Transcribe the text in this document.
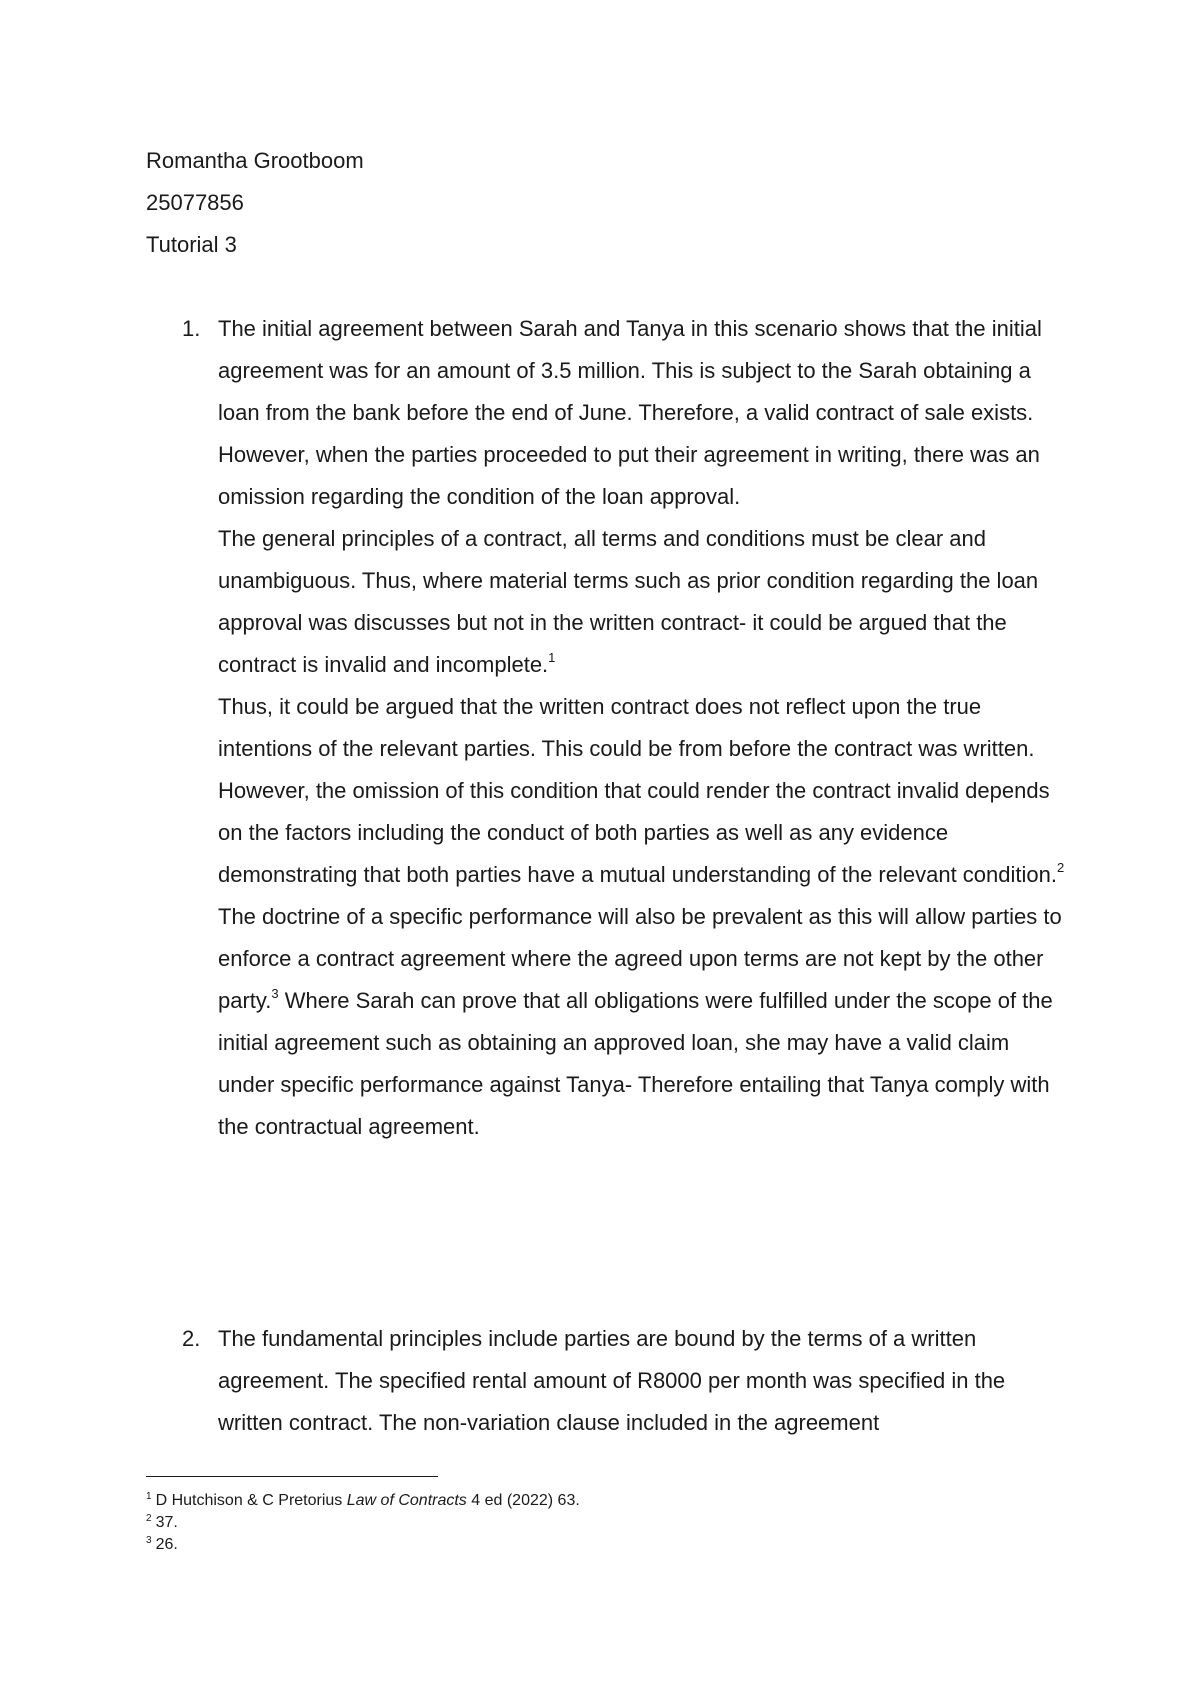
Romantha Grootboom
25077856
Tutorial 3
1. The initial agreement between Sarah and Tanya in this scenario shows that the initial agreement was for an amount of 3.5 million. This is subject to the Sarah obtaining a loan from the bank before the end of June. Therefore, a valid contract of sale exists. However, when the parties proceeded to put their agreement in writing, there was an omission regarding the condition of the loan approval.

The general principles of a contract, all terms and conditions must be clear and unambiguous. Thus, where material terms such as prior condition regarding the loan approval was discusses but not in the written contract- it could be argued that the contract is invalid and incomplete.$^1$

Thus, it could be argued that the written contract does not reflect upon the true intentions of the relevant parties. This could be from before the contract was written. However, the omission of this condition that could render the contract invalid depends on the factors including the conduct of both parties as well as any evidence demonstrating that both parties have a mutual understanding of the relevant condition.$^2$

The doctrine of a specific performance will also be prevalent as this will allow parties to enforce a contract agreement where the agreed upon terms are not kept by the other party.$^3$ Where Sarah can prove that all obligations were fulfilled under the scope of the initial agreement such as obtaining an approved loan, she may have a valid claim under specific performance against Tanya- Therefore entailing that Tanya comply with the contractual agreement.

2. The fundamental principles include parties are bound by the terms of a written agreement. The specified rental amount of R8000 per month was specified in the written contract. The non-variation clause included in the agreement

$^1$ D Hutchison & C Pretorius Law of Contracts 4 ed (2022) 63.
$^2$ 37.
$^3$ 26.
